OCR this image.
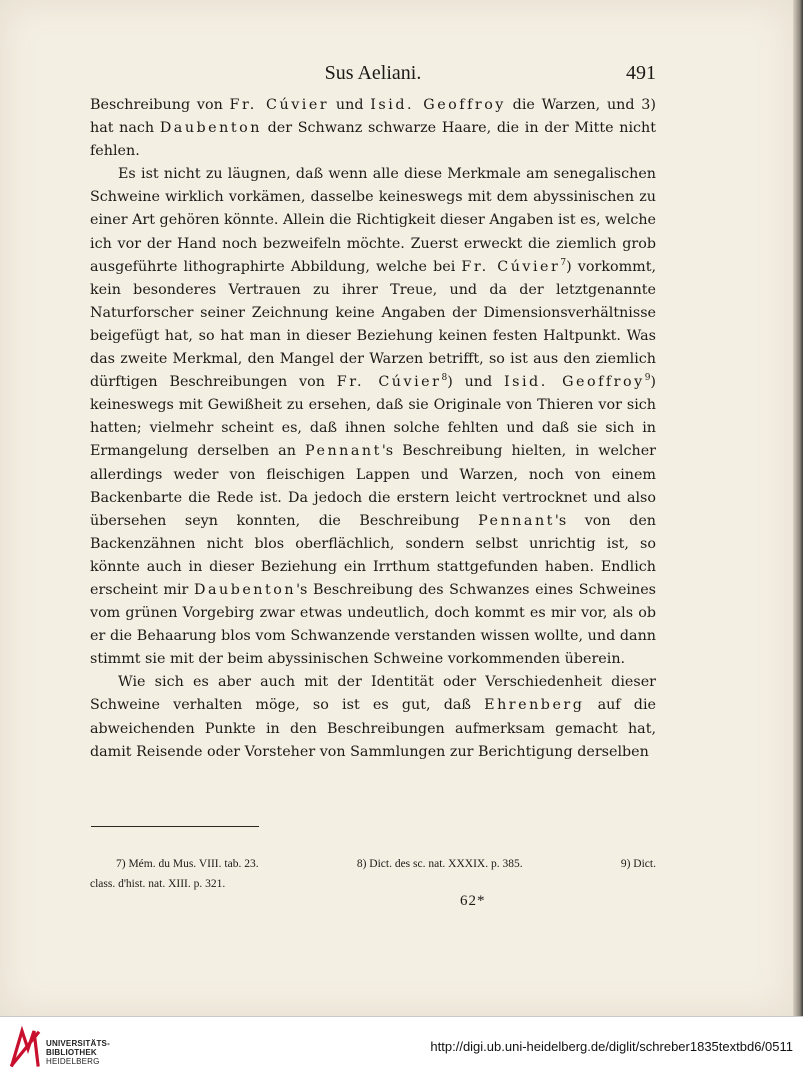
Sus Aeliani.	491

Beschreibung von Fr. Cúvier und Isid. Geoffroy die Warzen, und 3) hat nach Daubenton der Schwanz schwarze Haare, die in der Mitte nicht fehlen.

Es ist nicht zu läugnen, daß wenn alle diese Merkmale am senegalischen Schweine wirklich vorkämen, dasselbe keineswegs mit dem abyssinischen zu einer Art gehören könnte. Allein die Richtigkeit dieser Angaben ist es, welche ich vor der Hand noch bezweifeln möchte. Zuerst erweckt die ziemlich grob ausgeführte lithographirte Abbildung, welche bei Fr. Cúvier$^7$) vorkommt, kein besonderes Vertrauen zu ihrer Treue, und da der letztgenannte Naturforscher seiner Zeichnung keine Angaben der Dimensionsverhältnisse beigefügt hat, so hat man in dieser Beziehung keinen festen Haltpunkt. Was das zweite Merkmal, den Mangel der Warzen betrifft, so ist aus den ziemlich dürftigen Beschreibungen von Fr. Cúvier$^8$) und Isid. Geoffroy$^9$) keineswegs mit Gewißheit zu ersehen, daß sie Originale von Thieren vor sich hatten; vielmehr scheint es, daß ihnen solche fehlten und daß sie sich in Ermangelung derselben an Pennant's Beschreibung hielten, in welcher allerdings weder von fleischigen Lappen und Warzen, noch von einem Backenbarte die Rede ist. Da jedoch die erstern leicht vertrocknet und also übersehen seyn konnten, die Beschreibung Pennant's von den Backenzähnen nicht blos oberflächlich, sondern selbst unrichtig ist, so könnte auch in dieser Beziehung ein Irrthum stattgefunden haben. Endlich erscheint mir Daubenton's Beschreibung des Schwanzes eines Schweines vom grünen Vorgebirg zwar etwas undeutlich, doch kommt es mir vor, als ob er die Behaarung blos vom Schwanzende verstanden wissen wollte, und dann stimmt sie mit der beim abyssinischen Schweine vorkommenden überein.

Wie sich es aber auch mit der Identität oder Verschiedenheit dieser Schweine verhalten möge, so ist es gut, daß Ehrenberg auf die abweichenden Punkte in den Beschreibungen aufmerksam gemacht hat, damit Reisende oder Vorsteher von Sammlungen zur Berichtigung derselben

7) Mém. du Mus. VIII. tab. 23.	8) Dict. des sc. nat. XXXIX. p. 385.	9) Dict.
class. d'hist. nat. XIII. p. 321.
62*
UNIVERSITÄTS-
BIBLIOTHEK
HEIDELBERG
http://digi.ub.uni-heidelberg.de/diglit/schreber1835textbd6/0511
